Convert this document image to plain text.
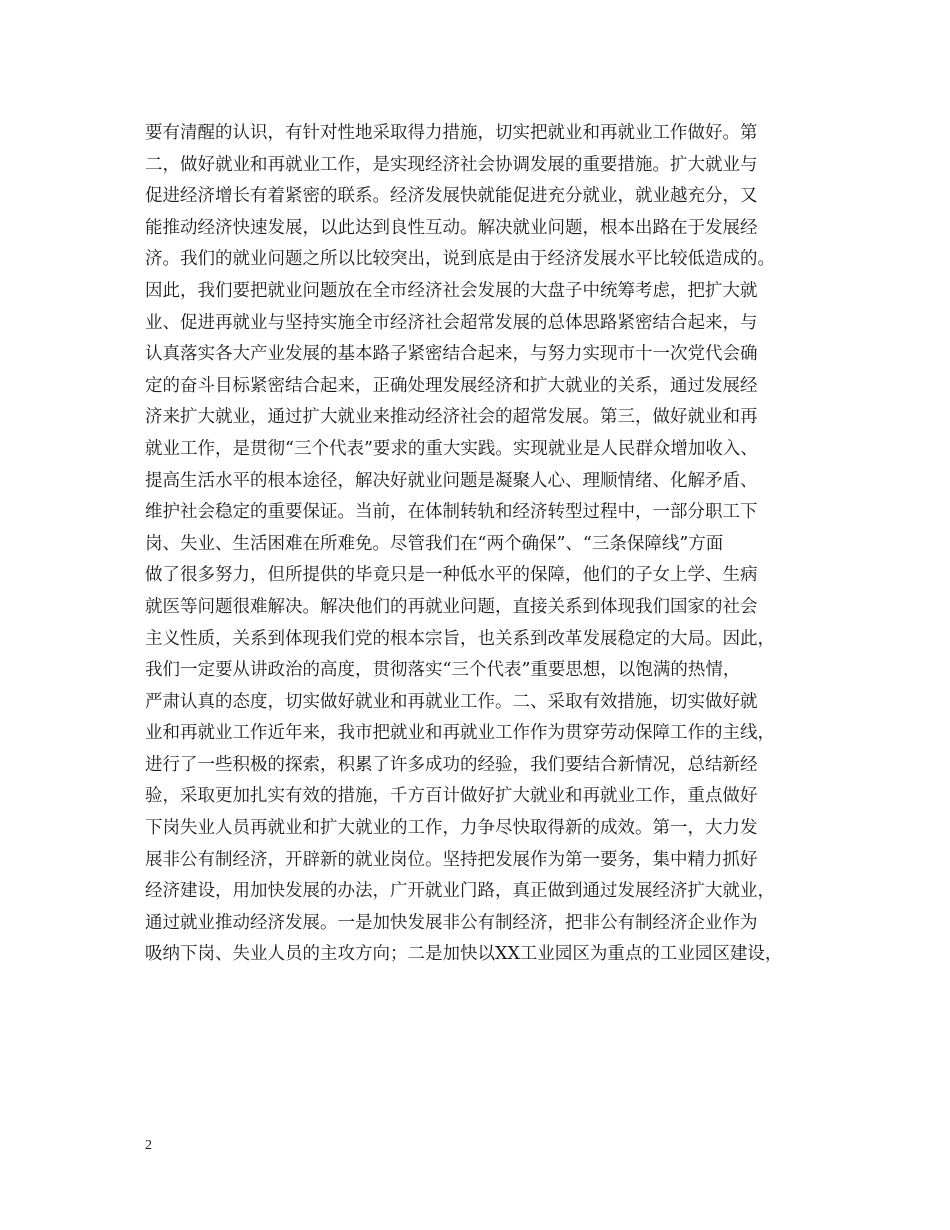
要有清醒的认识，有针对性地采取得力措施，切实把就业和再就业工作做好。第
二，做好就业和再就业工作，是实现经济社会协调发展的重要措施。扩大就业与
促进经济增长有着紧密的联系。经济发展快就能促进充分就业，就业越充分，又
能推动经济快速发展，以此达到良性互动。解决就业问题，根本出路在于发展经
济。我们的就业问题之所以比较突出，说到底是由于经济发展水平比较低造成的。
因此，我们要把就业问题放在全市经济社会发展的大盘子中统筹考虑，把扩大就
业、促进再就业与坚持实施全市经济社会超常发展的总体思路紧密结合起来，与
认真落实各大产业发展的基本路子紧密结合起来，与努力实现市十一次党代会确
定的奋斗目标紧密结合起来，正确处理发展经济和扩大就业的关系，通过发展经
济来扩大就业，通过扩大就业来推动经济社会的超常发展。第三，做好就业和再
就业工作，是贯彻“三个代表”要求的重大实践。实现就业是人民群众增加收入、
提高生活水平的根本途径，解决好就业问题是凝聚人心、理顺情绪、化解矛盾、
维护社会稳定的重要保证。当前，在体制转轨和经济转型过程中，一部分职工下
岗、失业、生活困难在所难免。尽管我们在“两个确保”、“三条保障线”方面
做了很多努力，但所提供的毕竟只是一种低水平的保障，他们的子女上学、生病
就医等问题很难解决。解决他们的再就业问题，直接关系到体现我们国家的社会
主义性质，关系到体现我们党的根本宗旨，也关系到改革发展稳定的大局。因此，
我们一定要从讲政治的高度，贯彻落实“三个代表”重要思想，以饱满的热情，
严肃认真的态度，切实做好就业和再就业工作。二、采取有效措施，切实做好就
业和再就业工作近年来，我市把就业和再就业工作作为贯穿劳动保障工作的主线，
进行了一些积极的探索，积累了许多成功的经验，我们要结合新情况，总结新经
验，采取更加扎实有效的措施，千方百计做好扩大就业和再就业工作，重点做好
下岗失业人员再就业和扩大就业的工作，力争尽快取得新的成效。第一，大力发
展非公有制经济，开辟新的就业岗位。坚持把发展作为第一要务，集中精力抓好
经济建设，用加快发展的办法，广开就业门路，真正做到通过发展经济扩大就业，
通过就业推动经济发展。一是加快发展非公有制经济，把非公有制经济企业作为
吸纳下岗、失业人员的主攻方向；二是加快以XX工业园区为重点的工业园区建设，
2
